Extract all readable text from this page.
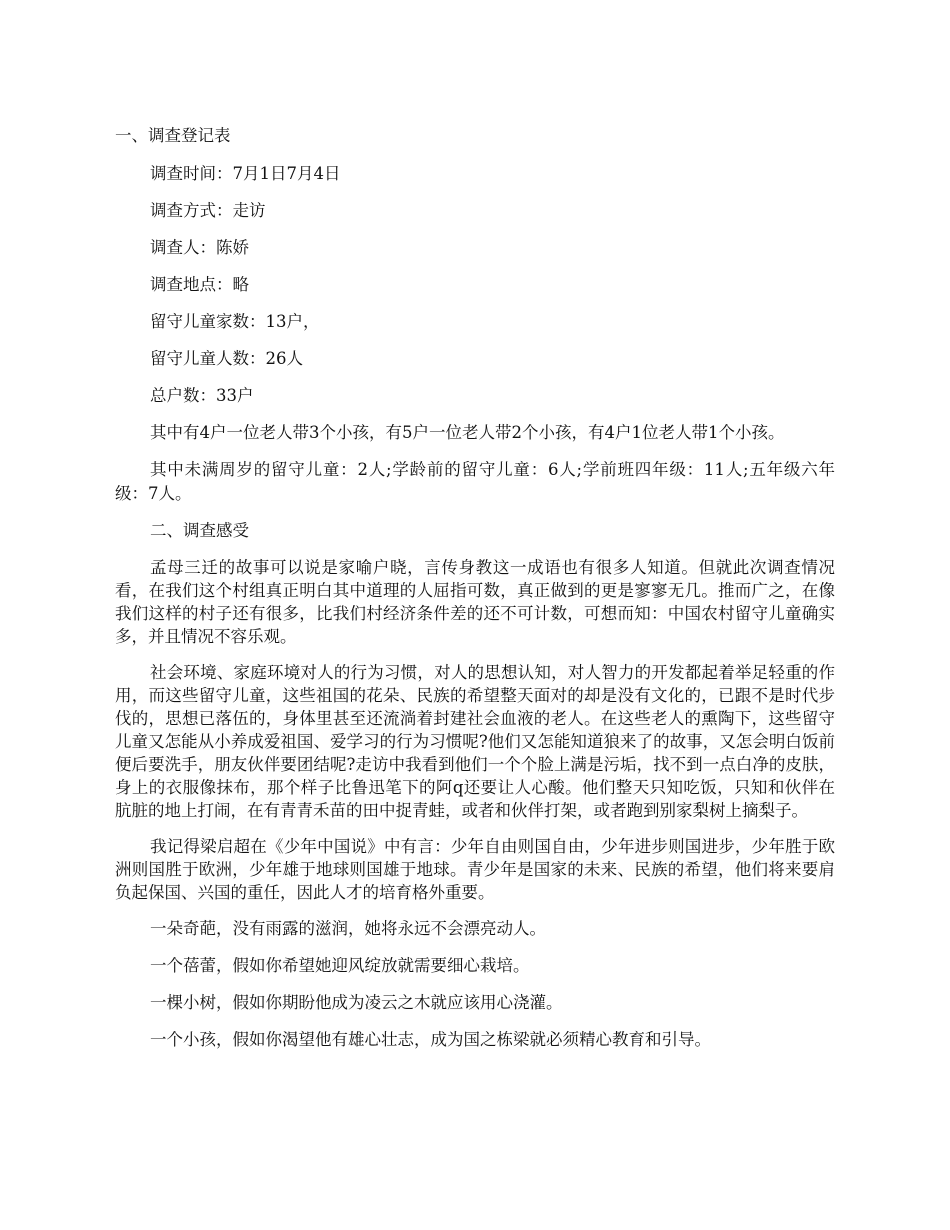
一、调查登记表

调查时间：7月1日7月4日

调查方式：走访

调查人：陈娇

调查地点：略

留守儿童家数：13户，

留守儿童人数：26人

总户数：33户

其中有4户一位老人带3个小孩，有5户一位老人带2个小孩，有4户1位老人带1个小孩。

其中未满周岁的留守儿童：2人;学龄前的留守儿童：6人;学前班四年级：11人;五年级六年级：7人。

二、调查感受

孟母三迁的故事可以说是家喻户晓，言传身教这一成语也有很多人知道。但就此次调查情况看，在我们这个村组真正明白其中道理的人屈指可数，真正做到的更是寥寥无几。推而广之，在像我们这样的村子还有很多，比我们村经济条件差的还不可计数，可想而知：中国农村留守儿童确实多，并且情况不容乐观。

社会环境、家庭环境对人的行为习惯，对人的思想认知，对人智力的开发都起着举足轻重的作用，而这些留守儿童，这些祖国的花朵、民族的希望整天面对的却是没有文化的，已跟不是时代步伐的，思想已落伍的，身体里甚至还流淌着封建社会血液的老人。在这些老人的熏陶下，这些留守儿童又怎能从小养成爱祖国、爱学习的行为习惯呢?他们又怎能知道狼来了的故事，又怎会明白饭前便后要洗手，朋友伙伴要团结呢?走访中我看到他们一个个脸上满是污垢，找不到一点白净的皮肤，身上的衣服像抹布，那个样子比鲁迅笔下的阿q还要让人心酸。他们整天只知吃饭，只知和伙伴在肮脏的地上打闹，在有青青禾苗的田中捉青蛙，或者和伙伴打架，或者跑到别家梨树上摘梨子。

我记得梁启超在《少年中国说》中有言：少年自由则国自由，少年进步则国进步，少年胜于欧洲则国胜于欧洲，少年雄于地球则国雄于地球。青少年是国家的未来、民族的希望，他们将来要肩负起保国、兴国的重任，因此人才的培育格外重要。

一朵奇葩，没有雨露的滋润，她将永远不会漂亮动人。

一个蓓蕾，假如你希望她迎风绽放就需要细心栽培。

一棵小树，假如你期盼他成为凌云之木就应该用心浇灌。

一个小孩，假如你渴望他有雄心壮志，成为国之栋梁就必须精心教育和引导。
